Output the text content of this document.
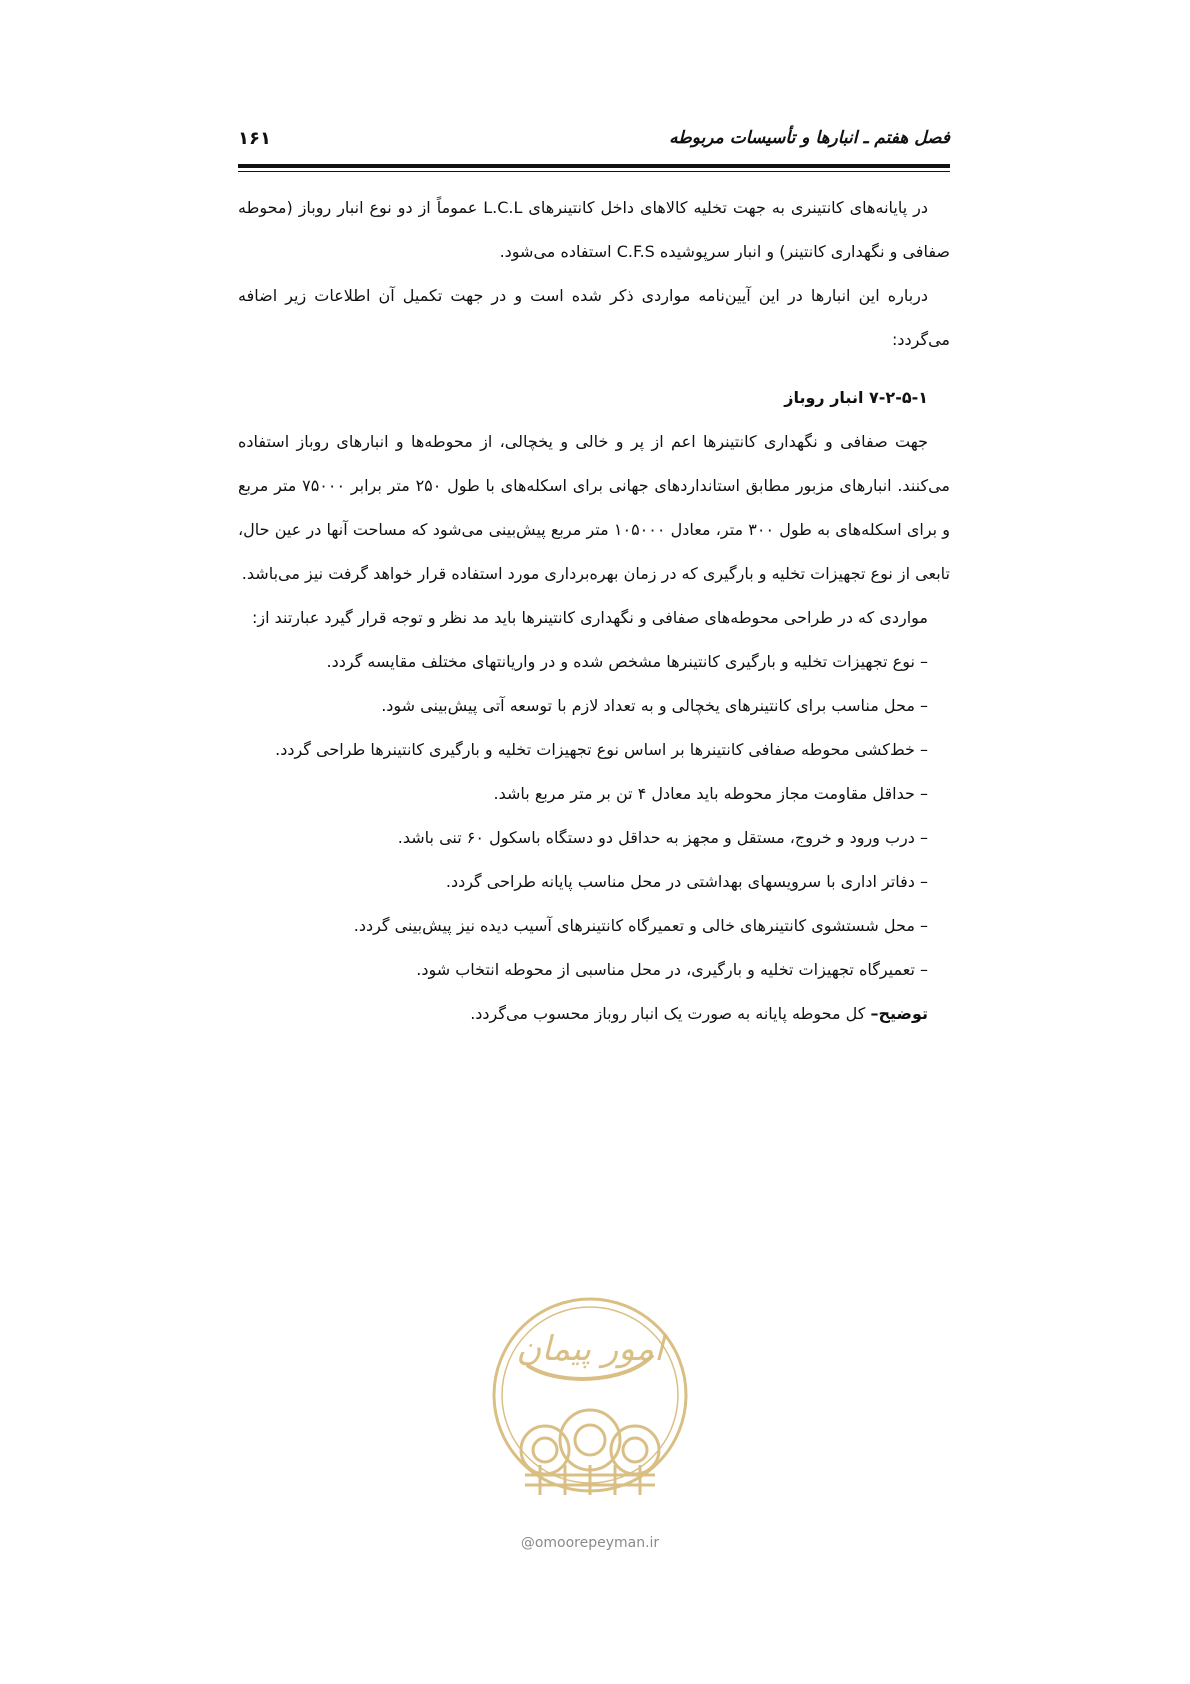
فصل هفتم ـ انبارها و تأسیسات مربوطه
۱۶۱

در پایانه‌های کانتینری به جهت تخلیه کالاهای داخل کانتینرهای L.C.L عموماً از دو نوع انبار روباز (محوطه صفافی و نگهداری کانتینر) و انبار سرپوشیده C.F.S استفاده می‌شود.

درباره این انبارها در این آیین‌نامه مواردی ذکر شده است و در جهت تکمیل آن اطلاعات زیر اضافه می‌گردد:

۷-۲-۵-۱ انبار روباز

جهت صفافی و نگهداری کانتینرها اعم از پر و خالی و یخچالی، از محوطه‌ها و انبارهای روباز استفاده می‌کنند. انبارهای مزبور مطابق استانداردهای جهانی برای اسکله‌های با طول ۲۵۰ متر برابر ۷۵۰۰۰ متر مربع و برای اسکله‌های به طول ۳۰۰ متر، معادل ۱۰۵۰۰۰ متر مربع پیش‌بینی می‌شود که مساحت آنها در عین حال، تابعی از نوع تجهیزات تخلیه و بارگیری که در زمان بهره‌برداری مورد استفاده قرار خواهد گرفت نیز می‌باشد.

مواردی که در طراحی محوطه‌های صفافی و نگهداری کانتینرها باید مد نظر و توجه قرار گیرد عبارتند از:

– نوع تجهیزات تخلیه و بارگیری کانتینرها مشخص شده و در واریانتهای مختلف مقایسه گردد.
– محل مناسب برای کانتینرهای یخچالی و به تعداد لازم با توسعه آتی پیش‌بینی شود.
– خط‌کشی محوطه صفافی کانتینرها بر اساس نوع تجهیزات تخلیه و بارگیری کانتینرها طراحی گردد.
– حداقل مقاومت مجاز محوطه باید معادل ۴ تن بر متر مربع باشد.
– درب ورود و خروج، مستقل و مجهز به حداقل دو دستگاه باسکول ۶۰ تنی باشد.
– دفاتر اداری با سرویسهای بهداشتی در محل مناسب پایانه طراحی گردد.
– محل شستشوی کانتینرهای خالی و تعمیرگاه کانتینرهای آسیب دیده نیز پیش‌بینی گردد.
– تعمیرگاه تجهیزات تخلیه و بارگیری، در محل مناسبی از محوطه انتخاب شود.

توضیح– کل محوطه پایانه به صورت یک انبار روباز محسوب می‌گردد.

امور پیمان
@omoorepeyman.ir
